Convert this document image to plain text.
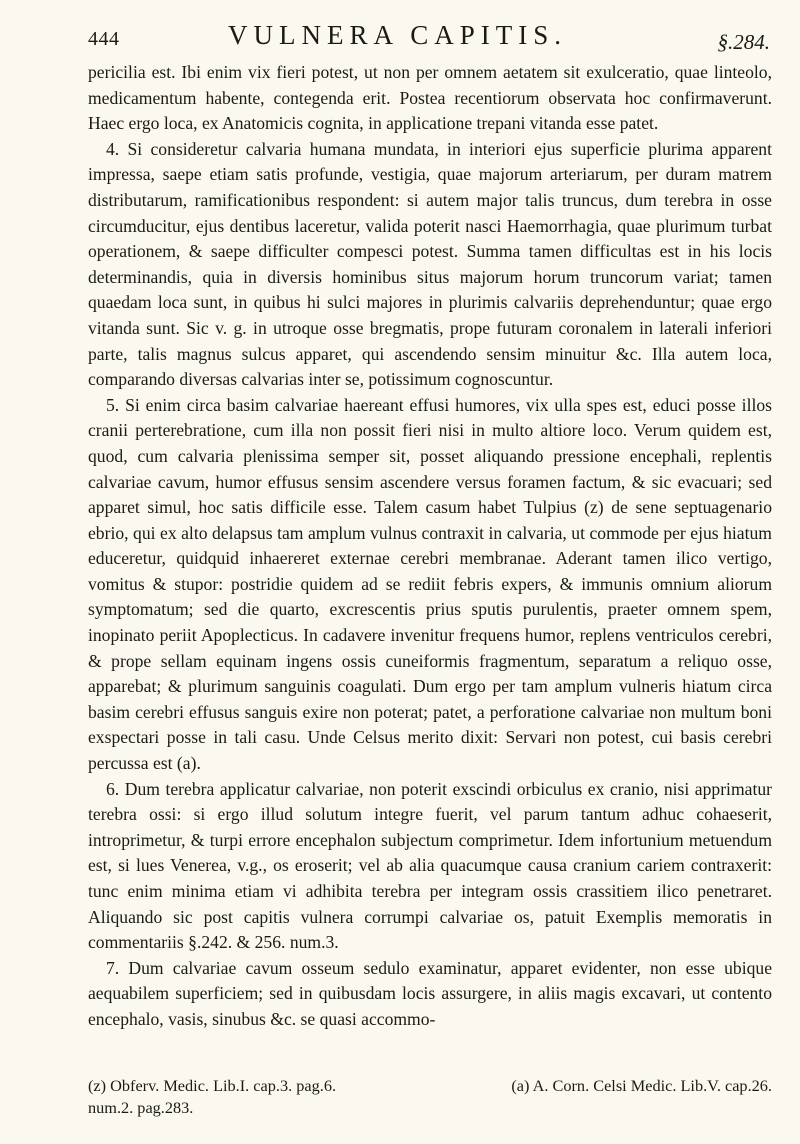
444	VULNERA CAPITIS.	§.284.

pericilia est. Ibi enim vix fieri potest, ut non per omnem aetatem sit exulceratio, quae linteolo, medicamentum habente, contegenda erit. Postea recentiorum observata hoc confirmaverunt. Haec ergo loca, ex Anatomicis cognita, in applicatione trepani vitanda esse patet.

4. Si consideretur calvaria humana mundata, in interiori ejus superficie plurima apparent impressa, saepe etiam satis profunde, vestigia, quae majorum arteriarum, per duram matrem distributarum, ramificationibus respondent: si autem major talis truncus, dum terebra in osse circumducitur, ejus dentibus laceretur, valida poterit nasci Haemorrhagia, quae plurimum turbat operationem, & saepe difficulter compesci potest. Summa tamen difficultas est in his locis determinandis, quia in diversis hominibus situs majorum horum truncorum variat; tamen quaedam loca sunt, in quibus hi sulci majores in plurimis calvariis deprehenduntur; quae ergo vitanda sunt. Sic v. g. in utroque osse bregmatis, prope futuram coronalem in laterali inferiori parte, talis magnus sulcus apparet, qui ascendendo sensim minuitur &c. Illa autem loca, comparando diversas calvarias inter se, potissimum cognoscuntur.

5. Si enim circa basim calvariae haereant effusi humores, vix ulla spes est, educi posse illos cranii perterebratione, cum illa non possit fieri nisi in multo altiore loco. Verum quidem est, quod, cum calvaria plenissima semper sit, posset aliquando pressione encephali, replentis calvariae cavum, humor effusus sensim ascendere versus foramen factum, & sic evacuari; sed apparet simul, hoc satis difficile esse. Talem casum habet Tulpius (z) de sene septuagenario ebrio, qui ex alto delapsus tam amplum vulnus contraxit in calvaria, ut commode per ejus hiatum educeretur, quidquid inhaereret externae cerebri membranae. Aderant tamen ilico vertigo, vomitus & stupor: postridie quidem ad se rediit febris expers, & immunis omnium aliorum symptomatum; sed die quarto, excrescentis prius sputis purulentis, praeter omnem spem, inopinato periit Apoplecticus. In cadavere invenitur frequens humor, replens ventriculos cerebri, & prope sellam equinam ingens ossis cuneiformis fragmentum, separatum a reliquo osse, apparebat; & plurimum sanguinis coagulati. Dum ergo per tam amplum vulneris hiatum circa basim cerebri effusus sanguis exire non poterat; patet, a perforatione calvariae non multum boni exspectari posse in tali casu. Unde Celsus merito dixit: Servari non potest, cui basis cerebri percussa est (a).

6. Dum terebra applicatur calvariae, non poterit exscindi orbiculus ex cranio, nisi apprimatur terebra ossi: si ergo illud solutum integre fuerit, vel parum tantum adhuc cohaeserit, introprimetur, & turpi errore encephalon subjectum comprimetur. Idem infortunium metuendum est, si lues Venerea, v.g., os eroserit; vel ab alia quacumque causa cranium cariem contraxerit: tunc enim minima etiam vi adhibita terebra per integram ossis crassitiem ilico penetraret. Aliquando sic post capitis vulnera corrumpi calvariae os, patuit Exemplis memoratis in commentariis §.242. & 256. num.3.

7. Dum calvariae cavum osseum sedulo examinatur, apparet evidenter, non esse ubique aequabilem superficiem; sed in quibusdam locis assurgere, in aliis magis excavari, ut contento encephalo, vasis, sinubus &c. se quasi accommo-

(z) Obferv. Medic. Lib.I. cap.3. pag.6.	(a) A. Corn. Celsi Medic. Lib.V. cap.26.
num.2. pag.283.
